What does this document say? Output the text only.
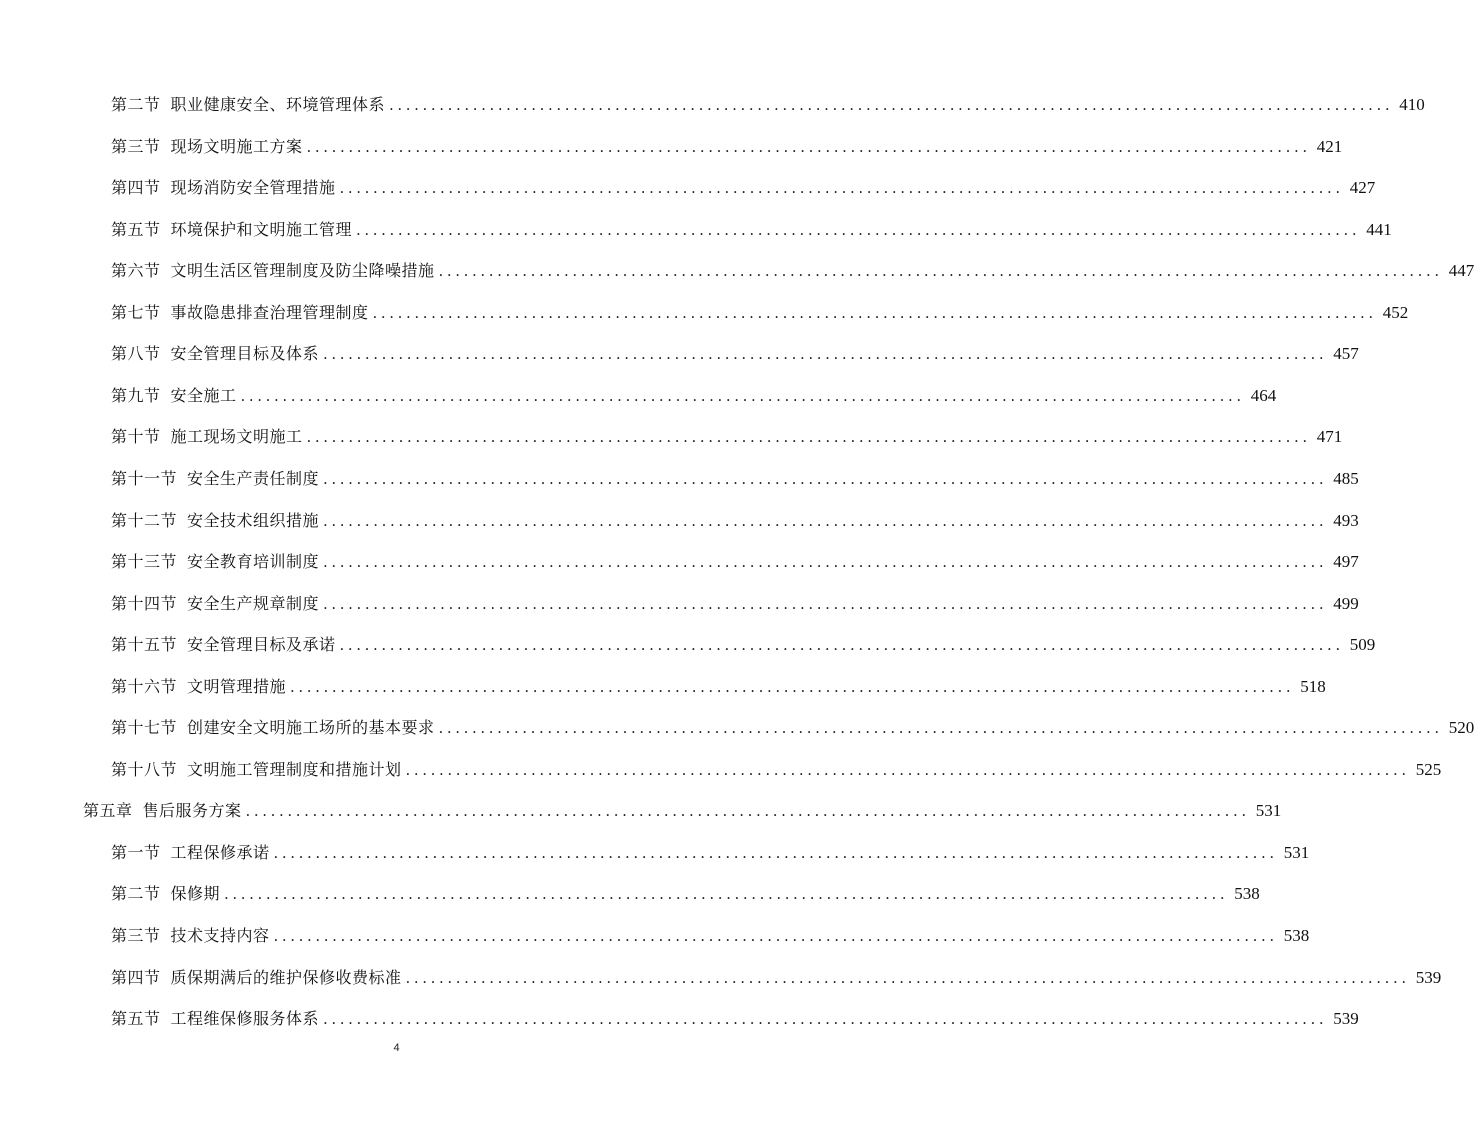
第二节 职业健康安全、环境管理体系 ........................................................................................................................ 410
第三节 现场文明施工方案 ........................................................................................................................ 421
第四节 现场消防安全管理措施 ........................................................................................................................ 427
第五节 环境保护和文明施工管理 ........................................................................................................................ 441
第六节 文明生活区管理制度及防尘降噪措施 ........................................................................................................................ 447
第七节 事故隐患排查治理管理制度 ........................................................................................................................ 452
第八节 安全管理目标及体系 ........................................................................................................................ 457
第九节 安全施工 ........................................................................................................................ 464
第十节 施工现场文明施工 ........................................................................................................................ 471
第十一节 安全生产责任制度 ........................................................................................................................ 485
第十二节 安全技术组织措施 ........................................................................................................................ 493
第十三节 安全教育培训制度 ........................................................................................................................ 497
第十四节 安全生产规章制度 ........................................................................................................................ 499
第十五节 安全管理目标及承诺 ........................................................................................................................ 509
第十六节 文明管理措施 ........................................................................................................................ 518
第十七节 创建安全文明施工场所的基本要求 ........................................................................................................................ 520
第十八节 文明施工管理制度和措施计划 ........................................................................................................................ 525
第五章 售后服务方案 ........................................................................................................................ 531
第一节 工程保修承诺 ........................................................................................................................ 531
第二节 保修期 ........................................................................................................................ 538
第三节 技术支持内容 ........................................................................................................................ 538
第四节 质保期满后的维护保修收费标准 ........................................................................................................................ 539
第五节 工程维保修服务体系 ........................................................................................................................ 539
4
